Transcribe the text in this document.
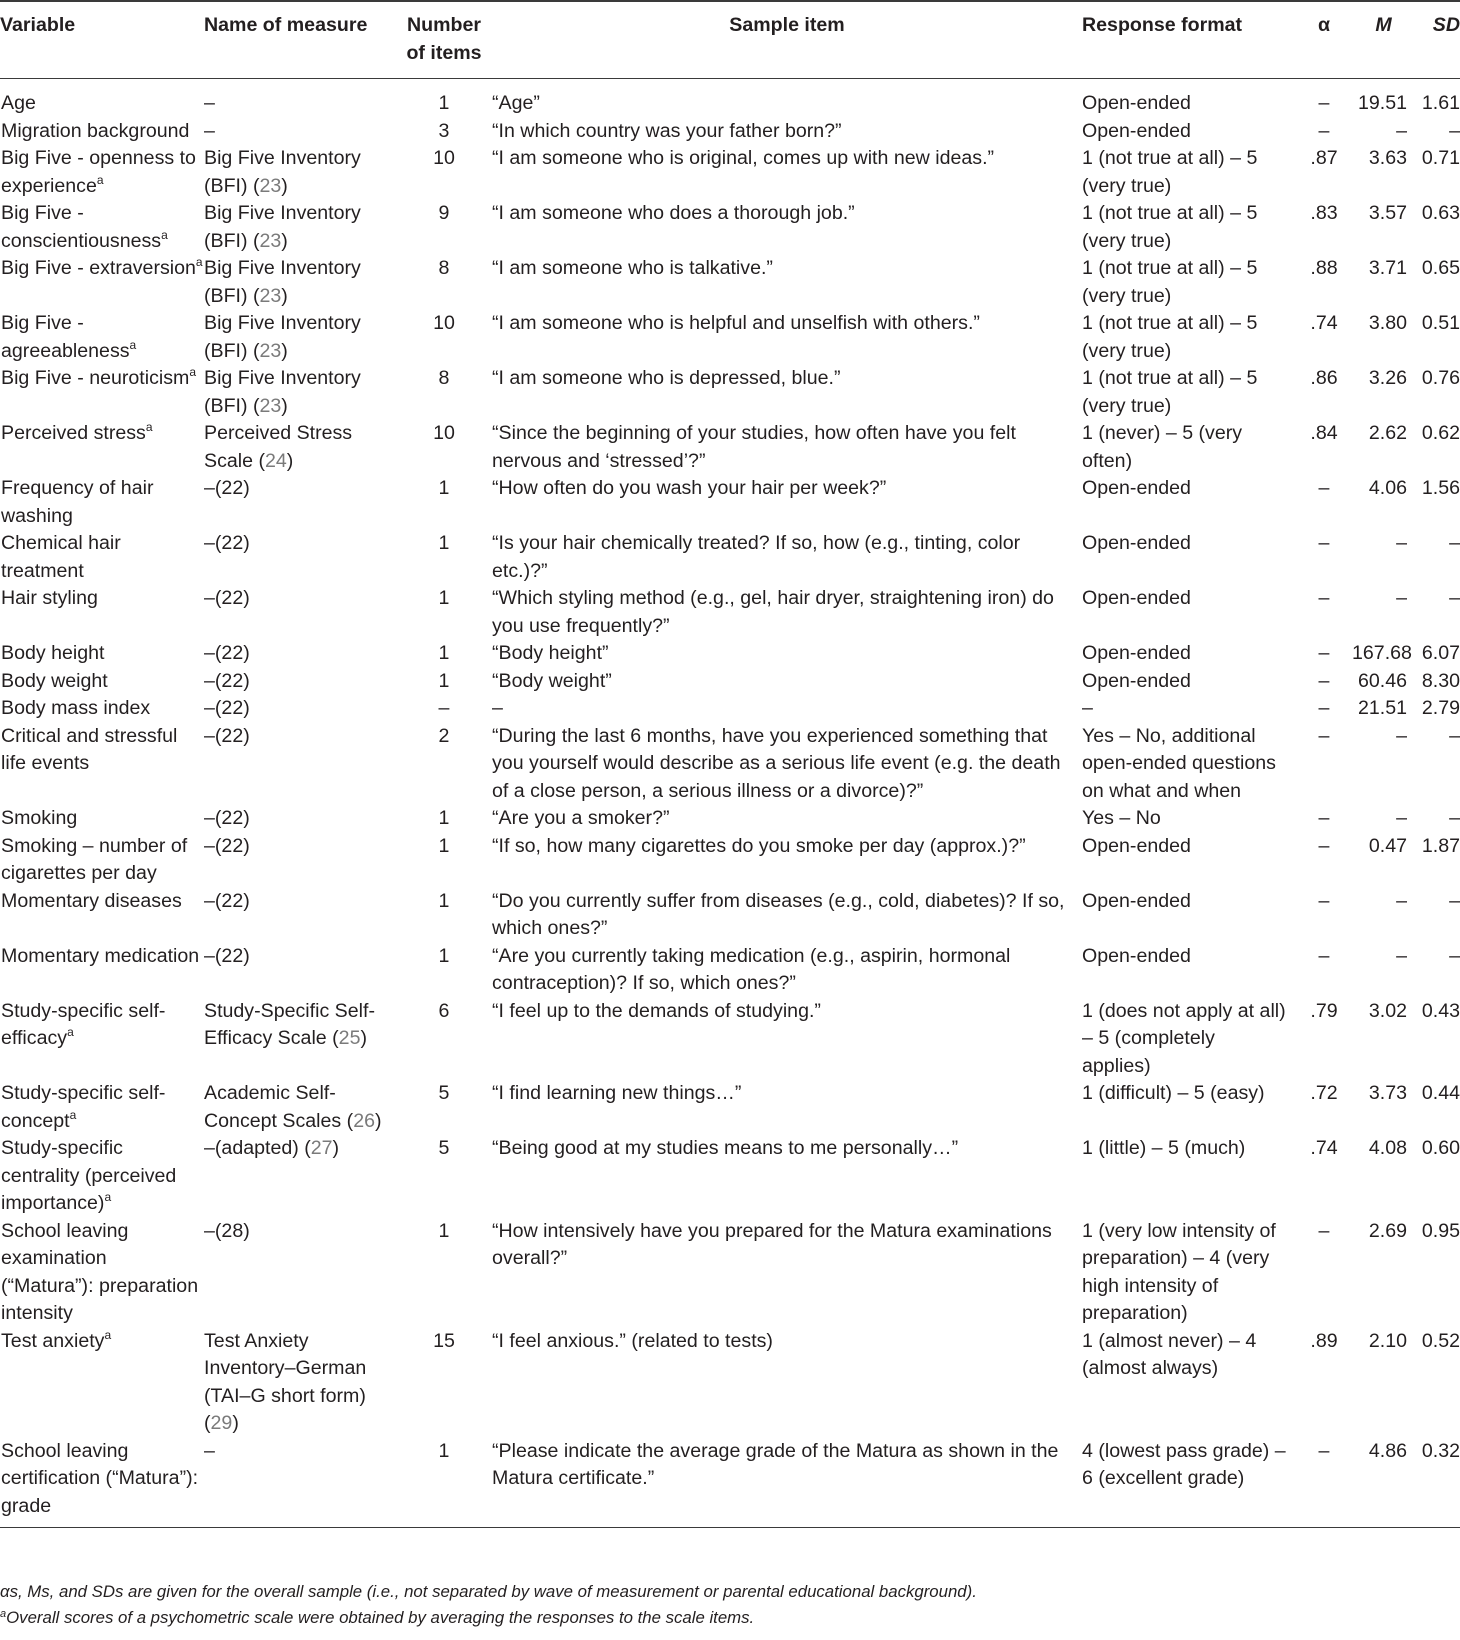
Variable	Name of measure	Number of items	Sample item	Response format	α	M	SD
Age	–	1	“Age”	Open-ended	–	19.51	1.61
Migration background	–	3	“In which country was your father born?”	Open-ended	–	–	–
Big Five - openness to experience$^a$	Big Five Inventory (BFI) (23)	10	“I am someone who is original, comes up with new ideas.”	1 (not true at all) – 5 (very true)	.87	3.63	0.71
Big Five - conscientiousness$^a$	Big Five Inventory (BFI) (23)	9	“I am someone who does a thorough job.”	1 (not true at all) – 5 (very true)	.83	3.57	0.63
Big Five - extraversion$^a$	Big Five Inventory (BFI) (23)	8	“I am someone who is talkative.”	1 (not true at all) – 5 (very true)	.88	3.71	0.65
Big Five - agreeableness$^a$	Big Five Inventory (BFI) (23)	10	“I am someone who is helpful and unselfish with others.”	1 (not true at all) – 5 (very true)	.74	3.80	0.51
Big Five - neuroticism$^a$	Big Five Inventory (BFI) (23)	8	“I am someone who is depressed, blue.”	1 (not true at all) – 5 (very true)	.86	3.26	0.76
Perceived stress$^a$	Perceived Stress Scale (24)	10	“Since the beginning of your studies, how often have you felt nervous and ‘stressed’?”	1 (never) – 5 (very often)	.84	2.62	0.62
Frequency of hair washing	–(22)	1	“How often do you wash your hair per week?”	Open-ended	–	4.06	1.56
Chemical hair treatment	–(22)	1	“Is your hair chemically treated? If so, how (e.g., tinting, color etc.)?”	Open-ended	–	–	–
Hair styling	–(22)	1	“Which styling method (e.g., gel, hair dryer, straightening iron) do you use frequently?”	Open-ended	–	–	–
Body height	–(22)	1	“Body height”	Open-ended	–	167.68	6.07
Body weight	–(22)	1	“Body weight”	Open-ended	–	60.46	8.30
Body mass index	–(22)	–	–	–	–	21.51	2.79
Critical and stressful life events	–(22)	2	“During the last 6 months, have you experienced something that you yourself would describe as a serious life event (e.g. the death of a close person, a serious illness or a divorce)?”	Yes – No, additional open-ended questions on what and when	–	–	–
Smoking	–(22)	1	“Are you a smoker?”	Yes – No	–	–	–
Smoking – number of cigarettes per day	–(22)	1	“If so, how many cigarettes do you smoke per day (approx.)?”	Open-ended	–	0.47	1.87
Momentary diseases	–(22)	1	“Do you currently suffer from diseases (e.g., cold, diabetes)? If so, which ones?”	Open-ended	–	–	–
Momentary medication	–(22)	1	“Are you currently taking medication (e.g., aspirin, hormonal contraception)? If so, which ones?”	Open-ended	–	–	–
Study-specific self-efficacy$^a$	Study-Specific Self-Efficacy Scale (25)	6	“I feel up to the demands of studying.”	1 (does not apply at all) – 5 (completely applies)	.79	3.02	0.43
Study-specific self-concept$^a$	Academic Self-Concept Scales (26)	5	“I find learning new things…”	1 (difficult) – 5 (easy)	.72	3.73	0.44
Study-specific centrality (perceived importance)$^a$	–(adapted) (27)	5	“Being good at my studies means to me personally…”	1 (little) – 5 (much)	.74	4.08	0.60
School leaving examination (“Matura”): preparation intensity	–(28)	1	“How intensively have you prepared for the Matura examinations overall?”	1 (very low intensity of preparation) – 4 (very high intensity of preparation)	–	2.69	0.95
Test anxiety$^a$	Test Anxiety Inventory–German (TAI–G short form) (29)	15	“I feel anxious.” (related to tests)	1 (almost never) – 4 (almost always)	.89	2.10	0.52
School leaving certification (“Matura”): grade	–	1	“Please indicate the average grade of the Matura as shown in the Matura certificate.”	4 (lowest pass grade) – 6 (excellent grade)	–	4.86	0.32
αs, Ms, and SDs are given for the overall sample (i.e., not separated by wave of measurement or parental educational background).
$^a$Overall scores of a psychometric scale were obtained by averaging the responses to the scale items.
